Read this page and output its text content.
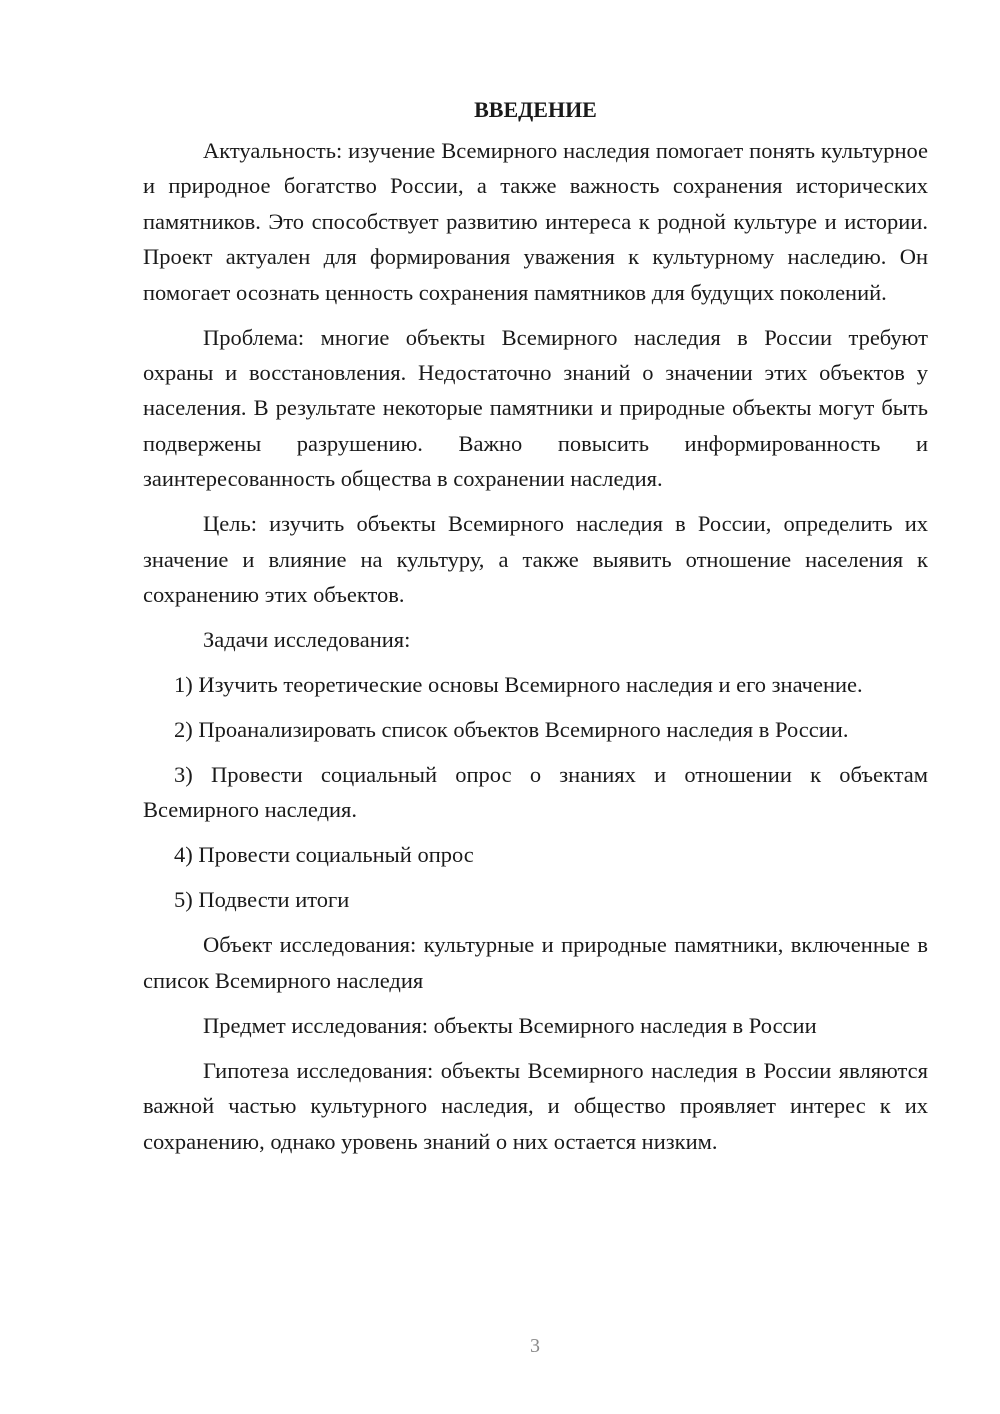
ВВЕДЕНИЕ

Актуальность: изучение Всемирного наследия помогает понять культурное и природное богатство России, а также важность сохранения исторических памятников. Это способствует развитию интереса к родной культуре и истории. Проект актуален для формирования уважения к культурному наследию. Он помогает осознать ценность сохранения памятников для будущих поколений.

Проблема: многие объекты Всемирного наследия в России требуют охраны и восстановления. Недостаточно знаний о значении этих объектов у населения. В результате некоторые памятники и природные объекты могут быть подвержены разрушению. Важно повысить информированность и заинтересованность общества в сохранении наследия.

Цель: изучить объекты Всемирного наследия в России, определить их значение и влияние на культуру, а также выявить отношение населения к сохранению этих объектов.

Задачи исследования:

1) Изучить теоретические основы Всемирного наследия и его значение.

2) Проанализировать список объектов Всемирного наследия в России.

3) Провести социальный опрос о знаниях и отношении к объектам Всемирного наследия.

4) Провести социальный опрос

5) Подвести итоги

Объект исследования: культурные и природные памятники, включенные в список Всемирного наследия

Предмет исследования: объекты Всемирного наследия в России

Гипотеза исследования: объекты Всемирного наследия в России являются важной частью культурного наследия, и общество проявляет интерес к их сохранению, однако уровень знаний о них остается низким.

3
